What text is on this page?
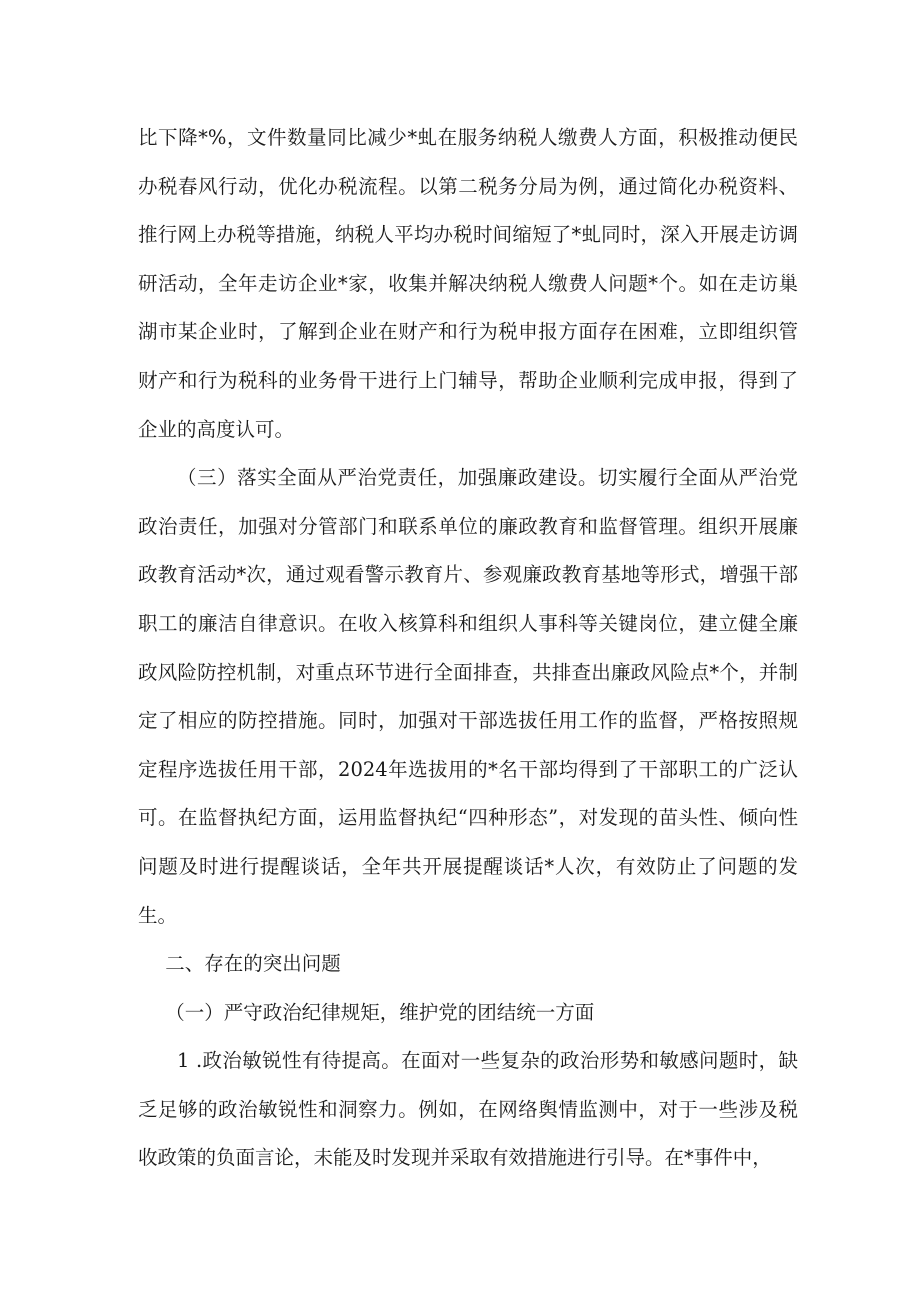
比下降*%，文件数量同比减少*虬在服务纳税人缴费人方面，积极推动便民办税春风行动，优化办税流程。以第二税务分局为例，通过简化办税资料、推行网上办税等措施，纳税人平均办税时间缩短了*虬同时，深入开展走访调研活动，全年走访企业*家，收集并解决纳税人缴费人问题*个。如在走访巢湖市某企业时，了解到企业在财产和行为税申报方面存在困难，立即组织管财产和行为税科的业务骨干进行上门辅导，帮助企业顺利完成申报，得到了企业的高度认可。

（三）落实全面从严治党责任，加强廉政建设。切实履行全面从严治党政治责任，加强对分管部门和联系单位的廉政教育和监督管理。组织开展廉政教育活动*次，通过观看警示教育片、参观廉政教育基地等形式，增强干部职工的廉洁自律意识。在收入核算科和组织人事科等关键岗位，建立健全廉政风险防控机制，对重点环节进行全面排查，共排查出廉政风险点*个，并制定了相应的防控措施。同时，加强对干部选拔任用工作的监督，严格按照规定程序选拔任用干部，2024年选拔用的*名干部均得到了干部职工的广泛认可。在监督执纪方面，运用监督执纪“四种形态”，对发现的苗头性、倾向性问题及时进行提醒谈话，全年共开展提醒谈话*人次，有效防止了问题的发生。

二、存在的突出问题

（一）严守政治纪律规矩，维护党的团结统一方面

1 .政治敏锐性有待提高。在面对一些复杂的政治形势和敏感问题时，缺乏足够的政治敏锐性和洞察力。例如，在网络舆情监测中，对于一些涉及税收政策的负面言论，未能及时发现并采取有效措施进行引导。在*事件中，
